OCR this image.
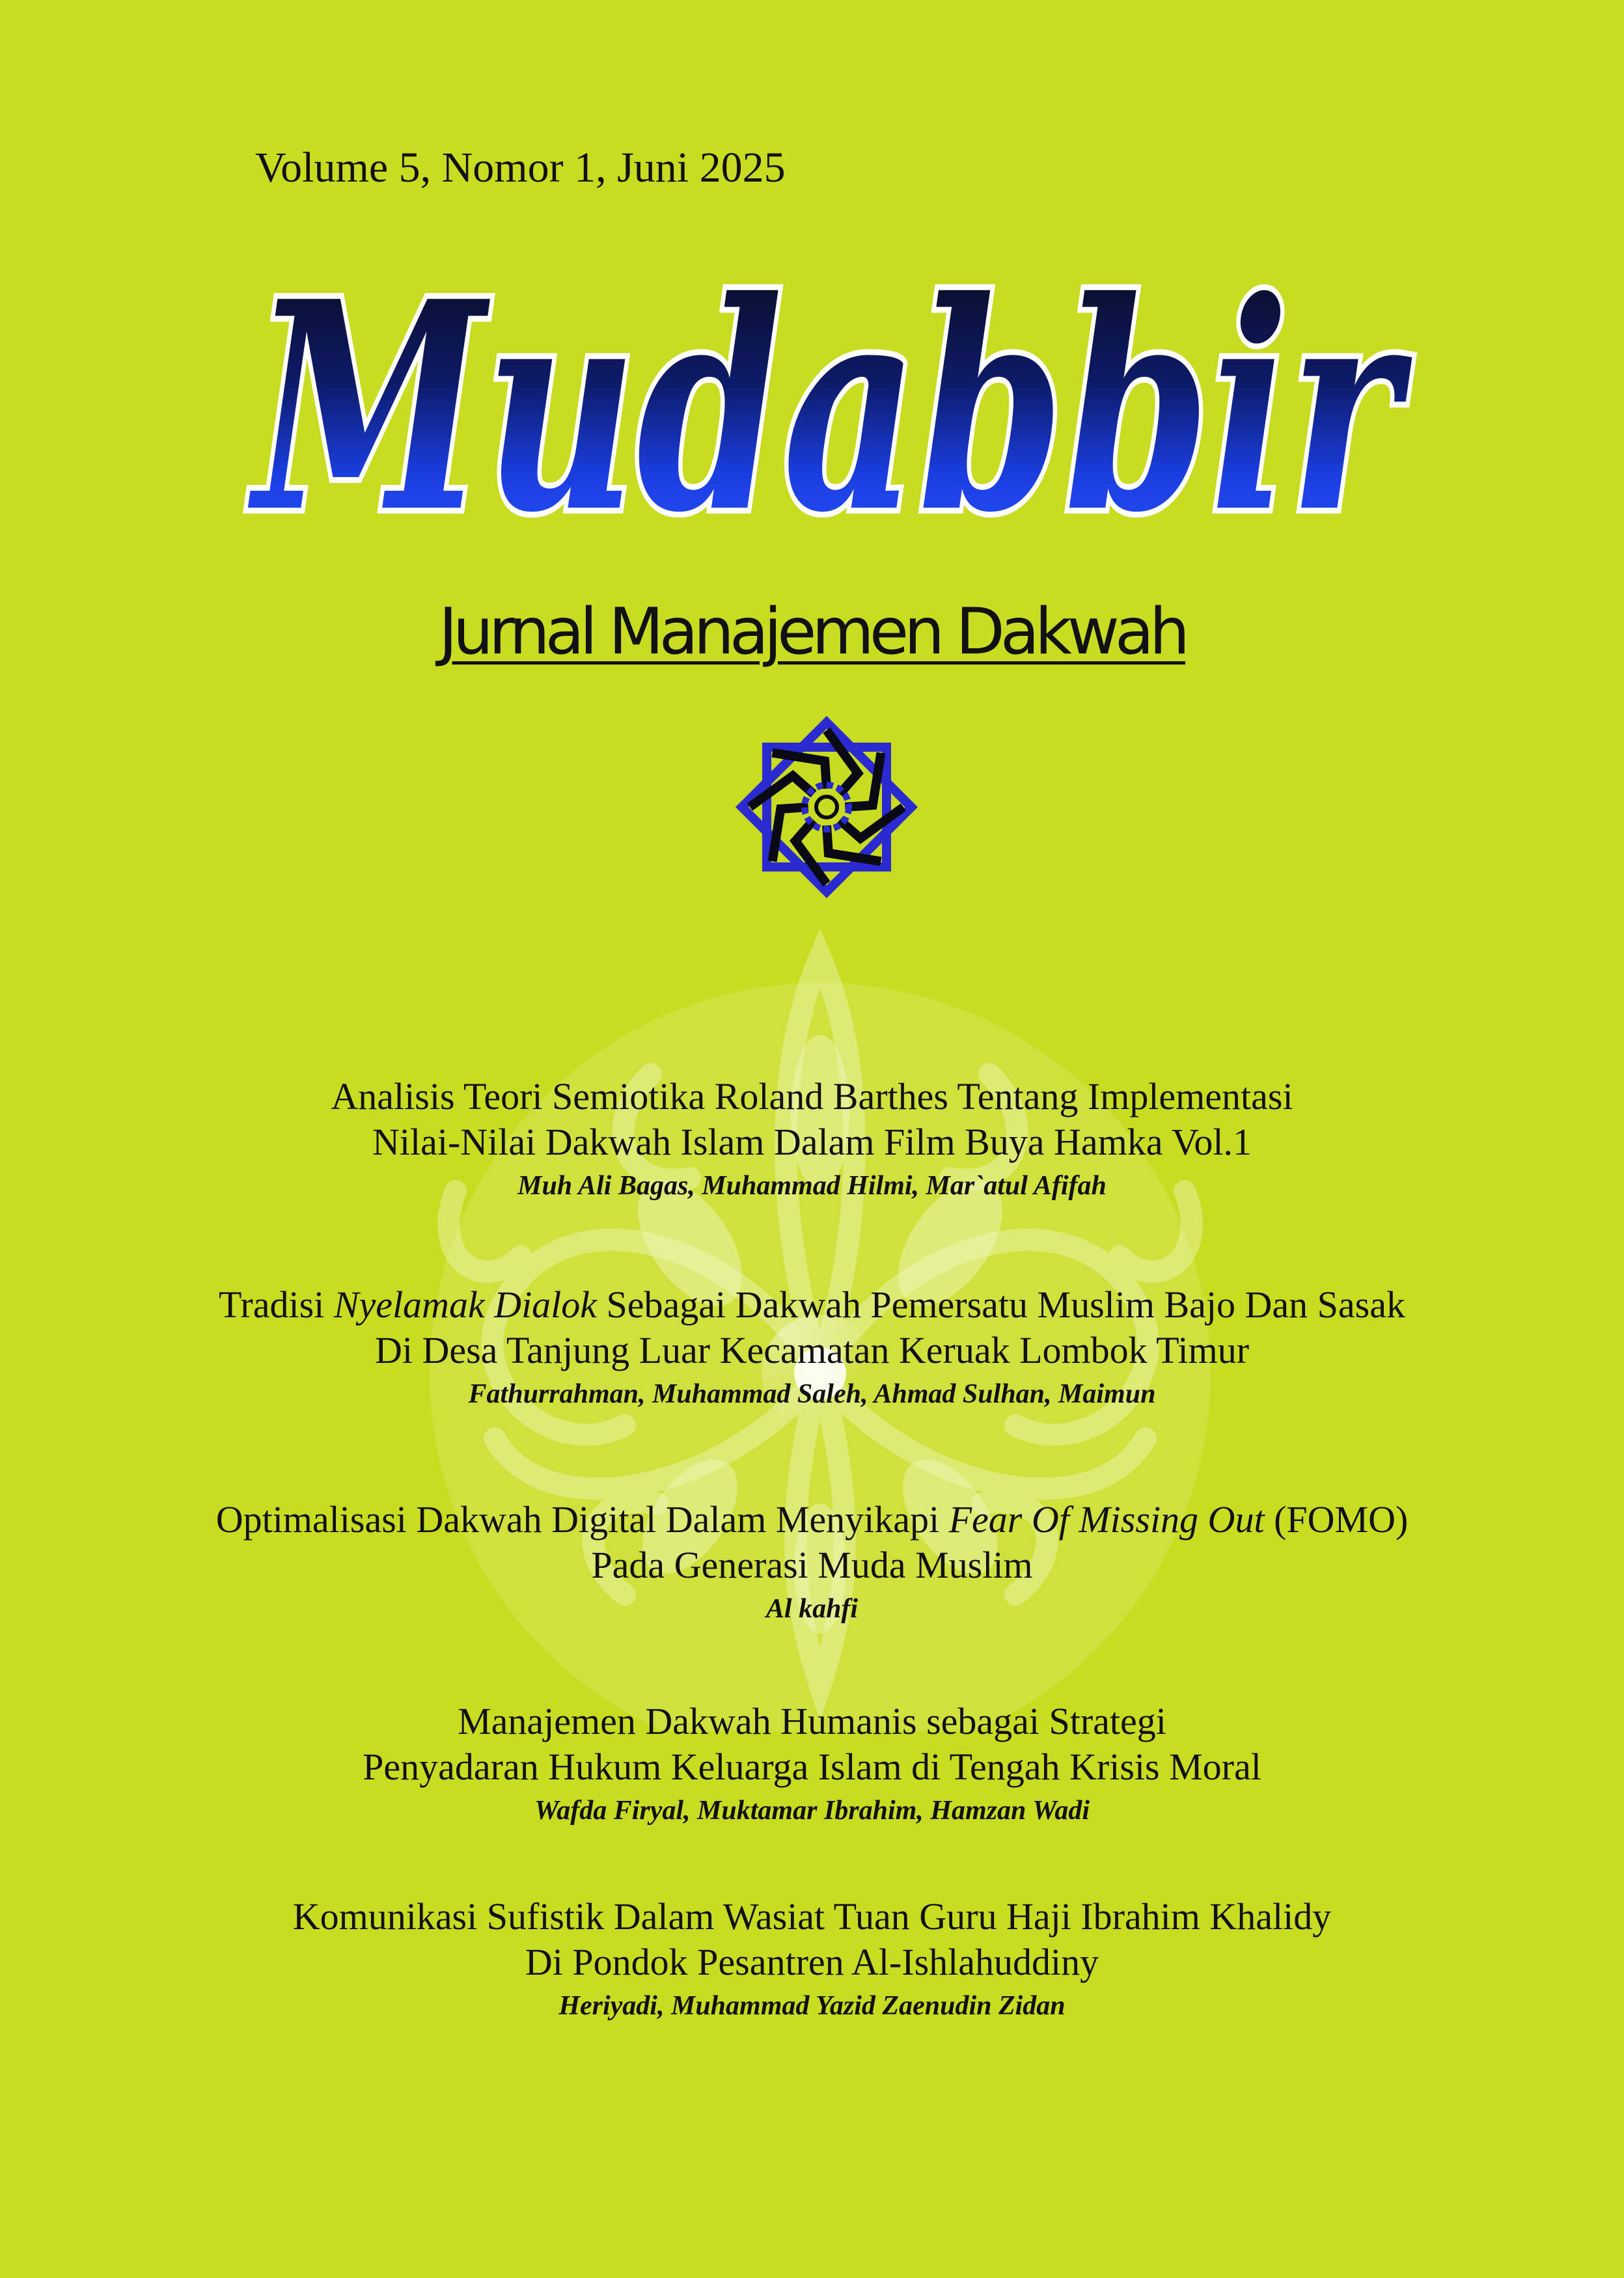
Volume 5, Nomor 1, Juni 2025
Mudabbir
Jurnal Manajemen Dakwah
Analisis Teori Semiotika Roland Barthes Tentang Implementasi
Nilai-Nilai Dakwah Islam Dalam Film Buya Hamka Vol.1
Muh Ali Bagas, Muhammad Hilmi, Mar`atul Afifah
Tradisi Nyelamak Dialok Sebagai Dakwah Pemersatu Muslim Bajo Dan Sasak
Di Desa Tanjung Luar Kecamatan Keruak Lombok Timur
Fathurrahman, Muhammad Saleh, Ahmad Sulhan, Maimun
Optimalisasi Dakwah Digital Dalam Menyikapi Fear Of Missing Out (FOMO)
Pada Generasi Muda Muslim
Al kahfi
Manajemen Dakwah Humanis sebagai Strategi
Penyadaran Hukum Keluarga Islam di Tengah Krisis Moral
Wafda Firyal, Muktamar Ibrahim, Hamzan Wadi
Komunikasi Sufistik Dalam Wasiat Tuan Guru Haji Ibrahim Khalidy
Di Pondok Pesantren Al-Ishlahuddiny
Heriyadi, Muhammad Yazid Zaenudin Zidan
